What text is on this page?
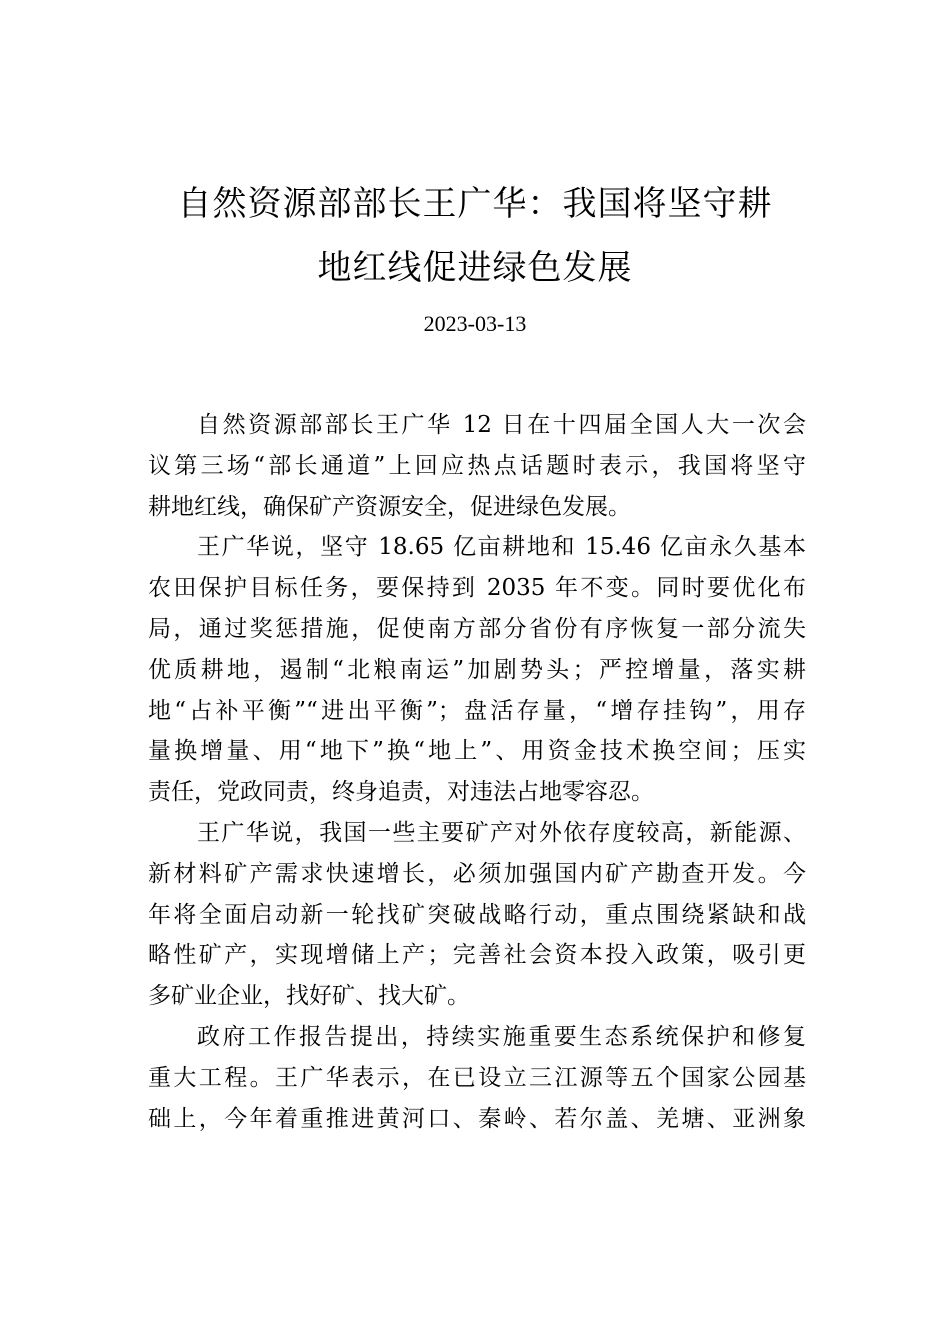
自然资源部部长王广华：我国将坚守耕
地红线促进绿色发展
2023-03-13
自然资源部部长王广华 12 日在十四届全国人大一次会
议第三场“部长通道”上回应热点话题时表示，我国将坚守
耕地红线，确保矿产资源安全，促进绿色发展。
王广华说，坚守 18.65 亿亩耕地和 15.46 亿亩永久基本
农田保护目标任务，要保持到 2035 年不变。同时要优化布
局，通过奖惩措施，促使南方部分省份有序恢复一部分流失
优质耕地，遏制“北粮南运”加剧势头；严控增量，落实耕
地“占补平衡”“进出平衡”；盘活存量，“增存挂钩”，用存
量换增量、用“地下”换“地上”、用资金技术换空间；压实
责任，党政同责，终身追责，对违法占地零容忍。
王广华说，我国一些主要矿产对外依存度较高，新能源、
新材料矿产需求快速增长，必须加强国内矿产勘查开发。今
年将全面启动新一轮找矿突破战略行动，重点围绕紧缺和战
略性矿产，实现增储上产；完善社会资本投入政策，吸引更
多矿业企业，找好矿、找大矿。
政府工作报告提出，持续实施重要生态系统保护和修复
重大工程。王广华表示，在已设立三江源等五个国家公园基
础上，今年着重推进黄河口、秦岭、若尔盖、羌塘、亚洲象
